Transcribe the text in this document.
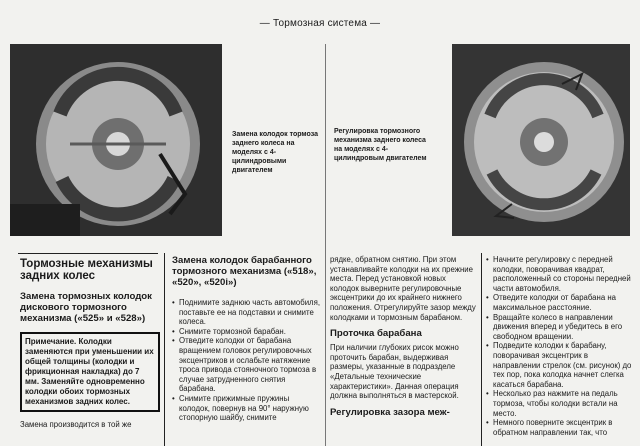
— Тормозная система —
Замена колодок тормоза заднего колеса на моделях с 4-цилиндровыми двигателем
Регулировка тормозного механизма заднего колеса на моделях с 4-цилиндровым двигателем
Тормозные механизмы задних колес
Замена тормозных колодок дискового тормозного механизма («525» и «528»)
Примечание. Колодки заменяются при уменьшении их общей толщины (колодки и фрикционная накладка) до 7 мм. Заменяйте одновременно колодки обоих тормозных механизмов задних колес.
Замена производится в той же
Замена колодок барабанного тормозного механизма («518», «520», «520i»)
• Поднимите заднюю часть автомобиля, поставьте ее на подставки и снимите колеса.
• Снимите тормозной барабан.
• Отведите колодки от барабана вращением головок регулировочных эксцентриков и ослабьте натяжение троса привода стояночного тормоза в случае затрудненного снятия барабана.
• Снимите прижимные пружины колодок, повернув на 90° наружную стопорную шайбу, снимите
рядке, обратном снятию. При этом устанавливайте колодки на их прежние места. Перед установкой новых колодок выверните регулировочные эксцентрики до их крайнего нижнего положения. Отрегулируйте зазор между колодками и тормозным барабаном.
Проточка барабана
При наличии глубоких рисок можно проточить барабан, выдерживая размеры, указанные в подразделе «Детальные технические характеристики». Данная операция должна выполняться в мастерской.
Регулировка зазора меж-
• Начните регулировку с передней колодки, поворачивая квадрат, расположенный со стороны передней части автомобиля.
• Отведите колодки от барабана на максимальное расстояние.
• Вращайте колесо в направлении движения вперед и убедитесь в его свободном вращении.
• Подведите колодки к барабану, поворачивая эксцентрик в направлении стрелок (см. рисунок) до тех пор, пока колодка начнет слегка касаться барабана.
• Несколько раз нажмите на педаль тормоза, чтобы колодки встали на место.
• Немного поверните эксцентрик в обратном направлении так, что
